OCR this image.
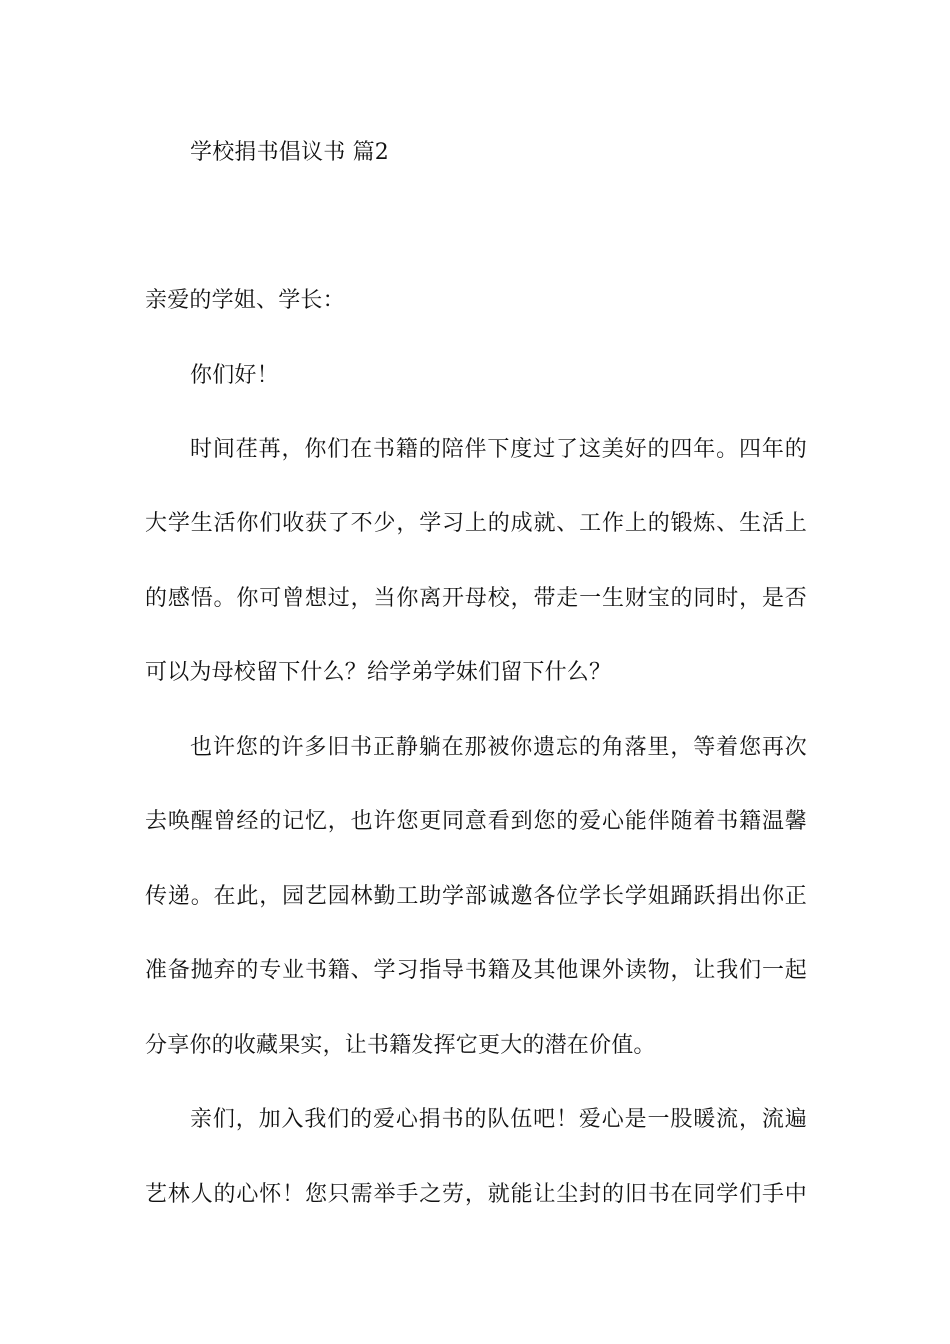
学校捐书倡议书 篇2
亲爱的学姐、学长：
你们好！
时间荏苒，你们在书籍的陪伴下度过了这美好的四年。四年的
大学生活你们收获了不少，学习上的成就、工作上的锻炼、生活上
的感悟。你可曾想过，当你离开母校，带走一生财宝的同时，是否
可以为母校留下什么？给学弟学妹们留下什么？
也许您的许多旧书正静躺在那被你遗忘的角落里，等着您再次
去唤醒曾经的记忆，也许您更同意看到您的爱心能伴随着书籍温馨
传递。在此，园艺园林勤工助学部诚邀各位学长学姐踊跃捐出你正
准备抛弃的专业书籍、学习指导书籍及其他课外读物，让我们一起
分享你的收藏果实，让书籍发挥它更大的潜在价值。
亲们，加入我们的爱心捐书的队伍吧！爱心是一股暖流，流遍
艺林人的心怀！您只需举手之劳，就能让尘封的旧书在同学们手中
